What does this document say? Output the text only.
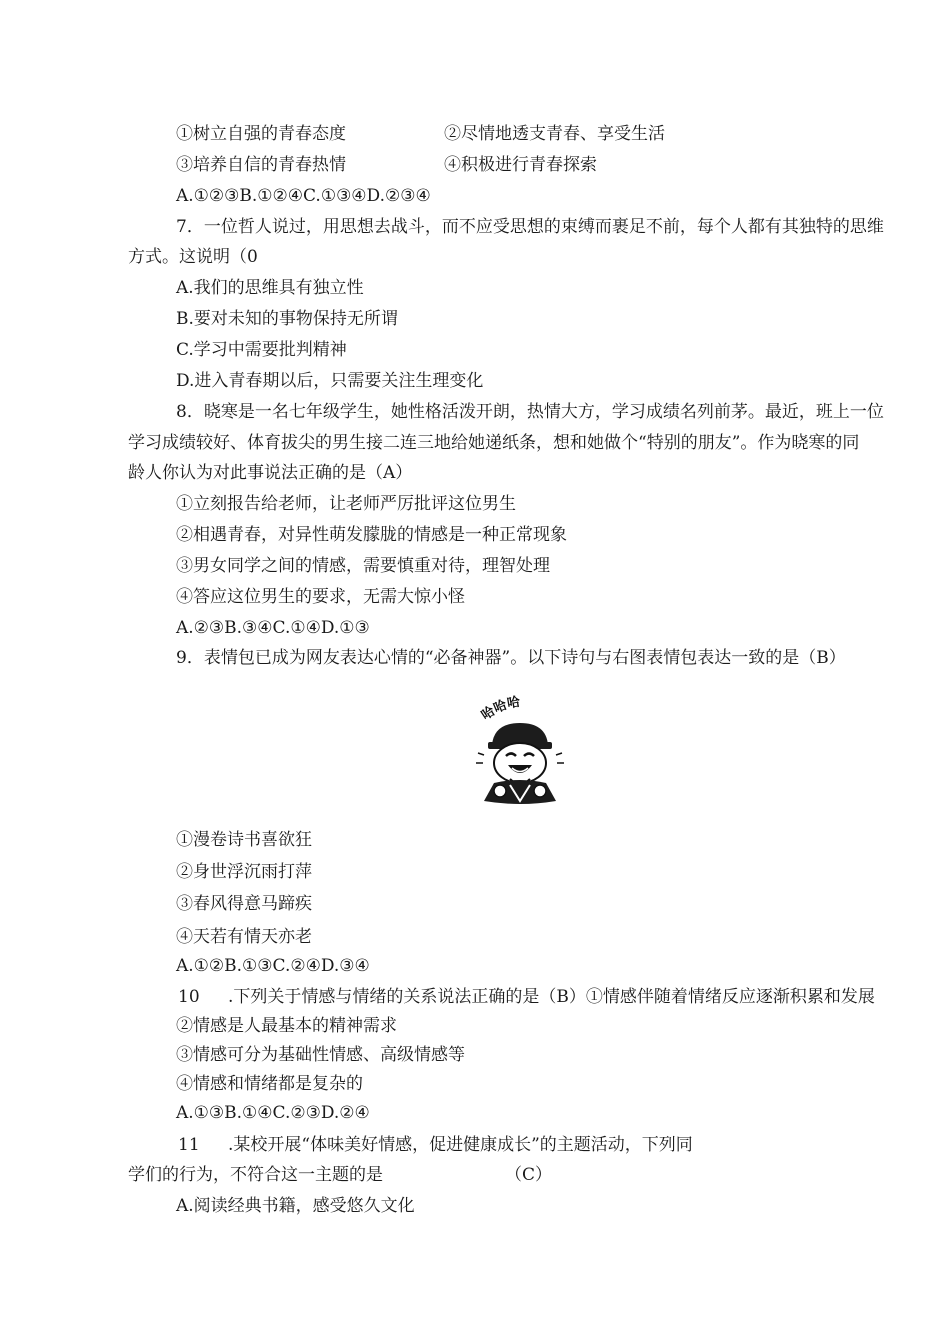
①树立自强的青春态度	②尽情地透支青春、享受生活
③培养自信的青春热情	④积极进行青春探索
A.①②③B.①②④C.①③④D.②③④
7．一位哲人说过，用思想去战斗，而不应受思想的束缚而裹足不前，每个人都有其独特的思维
方式。这说明（0
A.我们的思维具有独立性
B.要对未知的事物保持无所谓
C.学习中需要批判精神
D.进入青春期以后，只需要关注生理变化
8．晓寒是一名七年级学生，她性格活泼开朗，热情大方，学习成绩名列前茅。最近，班上一位
学习成绩较好、体育拔尖的男生接二连三地给她递纸条，想和她做个“特别的朋友”。作为晓寒的同
龄人你认为对此事说法正确的是（A）
①立刻报告给老师，让老师严厉批评这位男生
②相遇青春，对异性萌发朦胧的情感是一种正常现象
③男女同学之间的情感，需要慎重对待，理智处理
④答应这位男生的要求，无需大惊小怪
A.②③B.③④C.①④D.①③
9．表情包已成为网友表达心情的“必备神器”。以下诗句与右图表情包表达一致的是（B）
哈哈哈
①漫卷诗书喜欲狂
②身世浮沉雨打萍
③春风得意马蹄疾
④天若有情天亦老
A.①②B.①③C.②④D.③④
10 .下列关于情感与情绪的关系说法正确的是（B）①情感伴随着情绪反应逐渐积累和发展
②情感是人最基本的精神需求
③情感可分为基础性情感、高级情感等
④情感和情绪都是复杂的
A.①③B.①④C.②③D.②④
11 .某校开展“体味美好情感，促进健康成长”的主题活动，下列同
学们的行为，不符合这一主题的是	（C）
A.阅读经典书籍，感受悠久文化
